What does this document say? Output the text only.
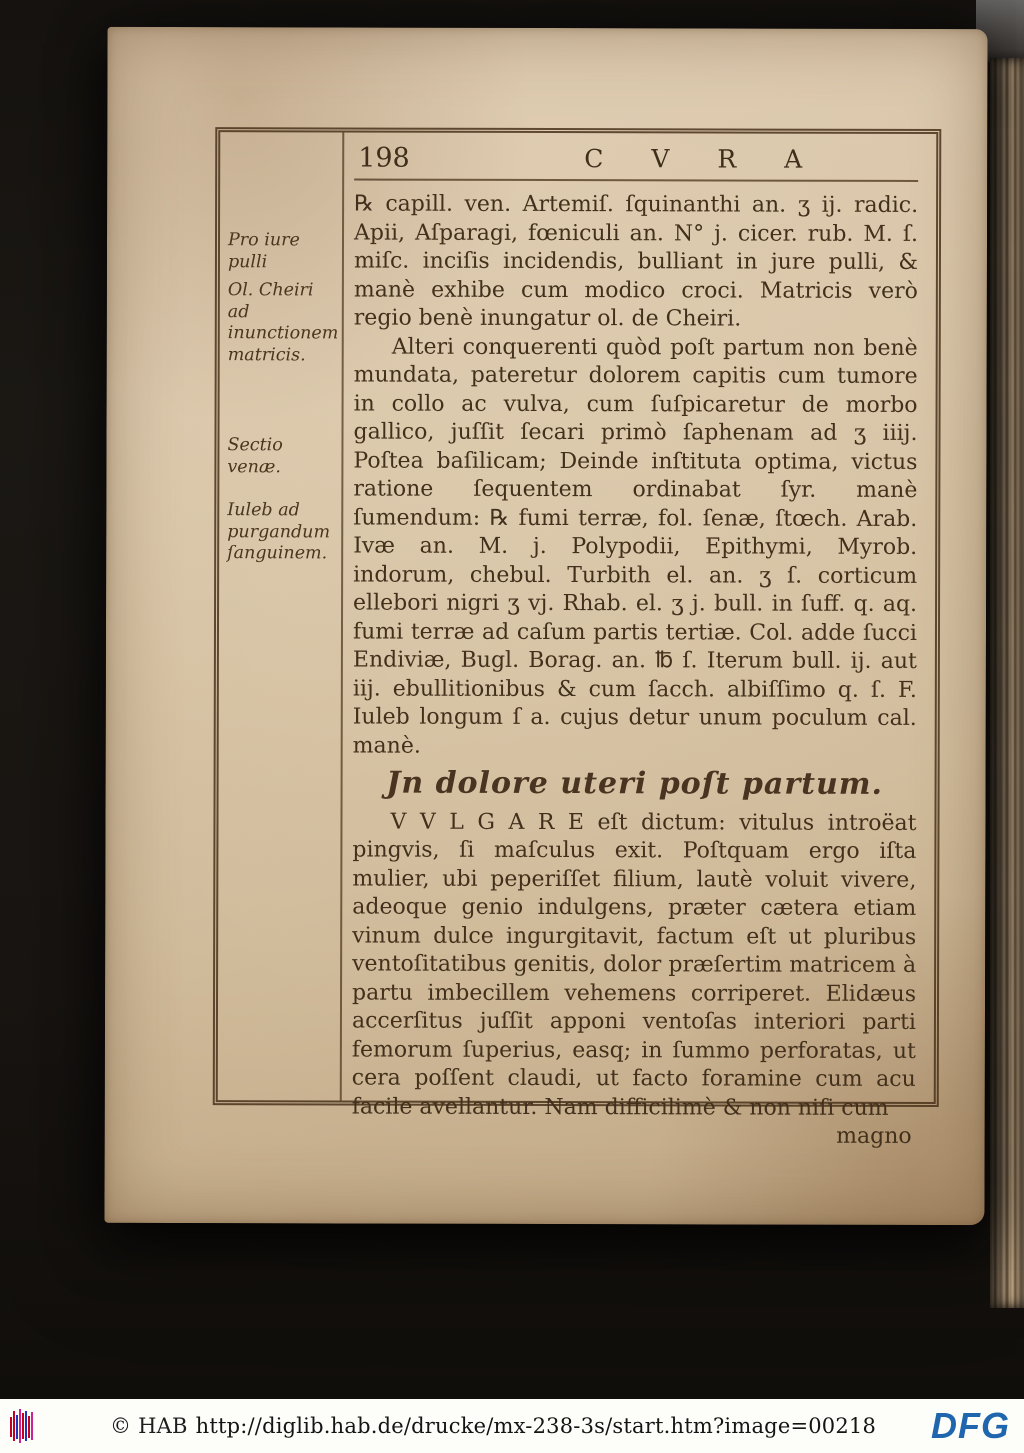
Pro iure pulli
Ol. Cheiri ad inunctionem matricis.
Sectio venæ.
Iuleb ad purgandum ſanguinem.
198	C V R A

℞ capill. ven. Artemiſ. ſquinanthi an. ʒ ij. radic. Apii, Aſparagi, fœniculi an. N° j. cicer. rub. M. ſ. miſc. inciſis incidendis, bulliant in jure pulli, & manè exhibe cum modico croci. Matricis verò regio benè inungatur ol. de Cheiri.

Alteri conquerenti quòd poſt partum non benè mundata, pateretur dolorem capitis cum tumore in collo ac vulva, cum ſuſpicaretur de morbo gallico, juſſit ſecari primò ſaphenam ad ʒ iiij. Poſtea baſilicam; Deinde inſtituta optima, victus ratione ſequentem ordinabat ſyr. manè ſumendum: ℞ fumi terræ, fol. ſenæ, ſtœch. Arab. Ivæ an. M. j. Polypodii, Epithymi, Myrob. indorum, chebul. Turbith el. an. ʒ ſ. corticum ellebori nigri ʒ vj. Rhab. el. ʒ j. bull. in ſuff. q. aq. fumi terræ ad caſum partis tertiæ. Col. adde ſucci Endiviæ, Bugl. Borag. an. ℔ ſ. Iterum bull. ij. aut iij. ebullitionibus & cum ſacch. albiſſimo q. ſ. F. Iuleb longum ſ a. cujus detur unum poculum cal. manè.

Jn dolore uteri poſt partum.

V V L G A R E eſt dictum: vitulus introëat pingvis, ſi maſculus exit. Poſtquam ergo iſta mulier, ubi peperiſſet filium, lautè voluit vivere, adeoque genio indulgens, præter cætera etiam vinum dulce ingurgitavit, factum eſt ut pluribus ventoſitatibus genitis, dolor præſertim matricem à partu imbecillem vehemens corriperet. Elidæus accerſitus juſſit apponi ventoſas interiori parti femorum ſuperius, easq; in ſummo perforatas, ut cera poſſent claudi, ut facto foramine cum acu facile avellantur. Nam difficilimè & non niſi cum

magno
© HAB http://diglib.hab.de/drucke/mx-238-3s/start.htm?image=00218 DFG
